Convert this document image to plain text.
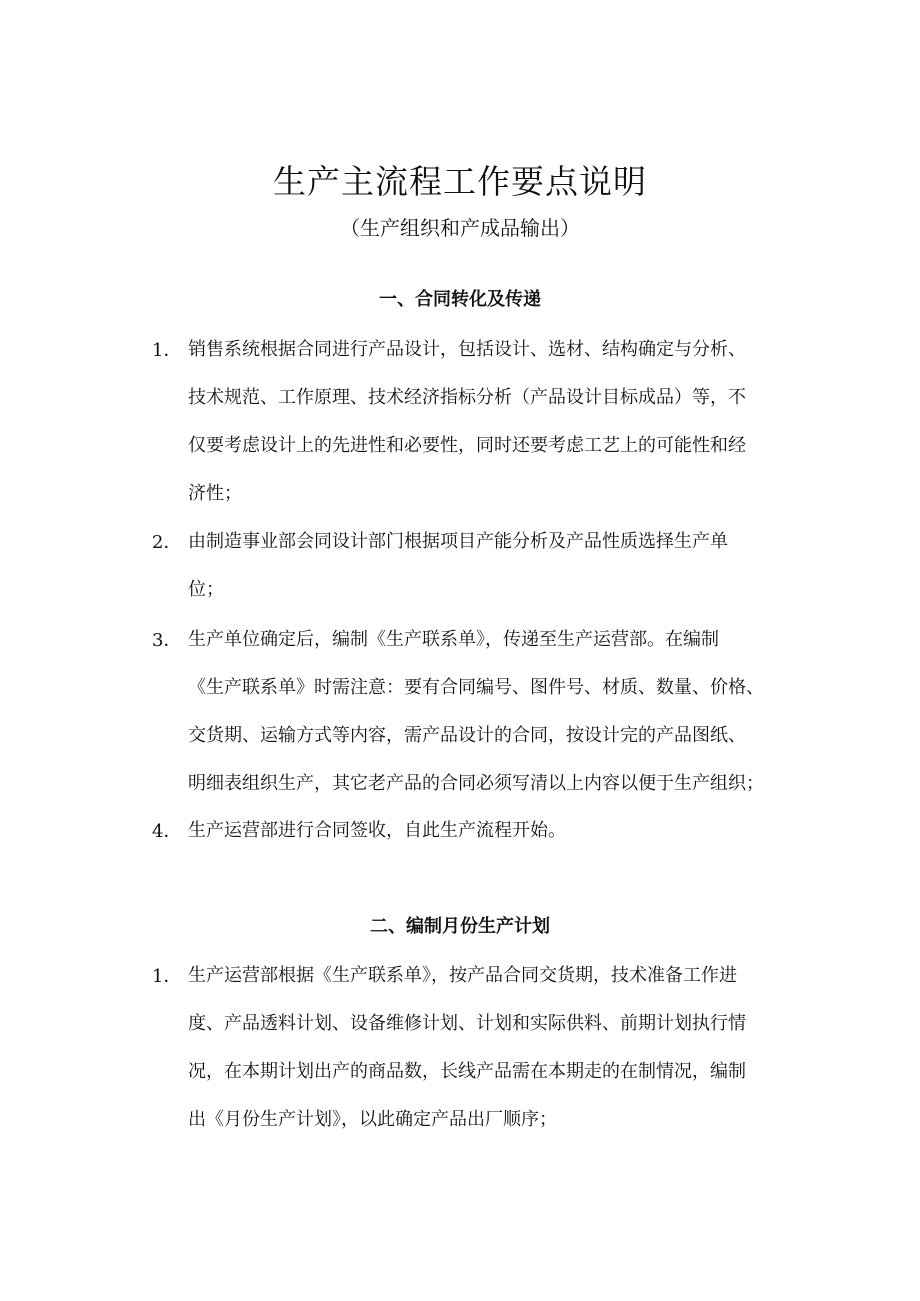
生产主流程工作要点说明
（生产组织和产成品输出）
一、合同转化及传递
1． 销售系统根据合同进行产品设计，包括设计、选材、结构确定与分析、
技术规范、工作原理、技术经济指标分析（产品设计目标成品）等，不
仅要考虑设计上的先进性和必要性，同时还要考虑工艺上的可能性和经
济性；
2． 由制造事业部会同设计部门根据项目产能分析及产品性质选择生产单
位；
3． 生产单位确定后，编制《生产联系单》，传递至生产运营部。在编制
《生产联系单》时需注意：要有合同编号、图件号、材质、数量、价格、
交货期、运输方式等内容，需产品设计的合同，按设计完的产品图纸、
明细表组织生产，其它老产品的合同必须写清以上内容以便于生产组织；
4． 生产运营部进行合同签收，自此生产流程开始。
二、编制月份生产计划
1． 生产运营部根据《生产联系单》，按产品合同交货期，技术准备工作进
度、产品透料计划、设备维修计划、计划和实际供料、前期计划执行情
况，在本期计划出产的商品数，长线产品需在本期走的在制情况，编制
出《月份生产计划》，以此确定产品出厂顺序；
